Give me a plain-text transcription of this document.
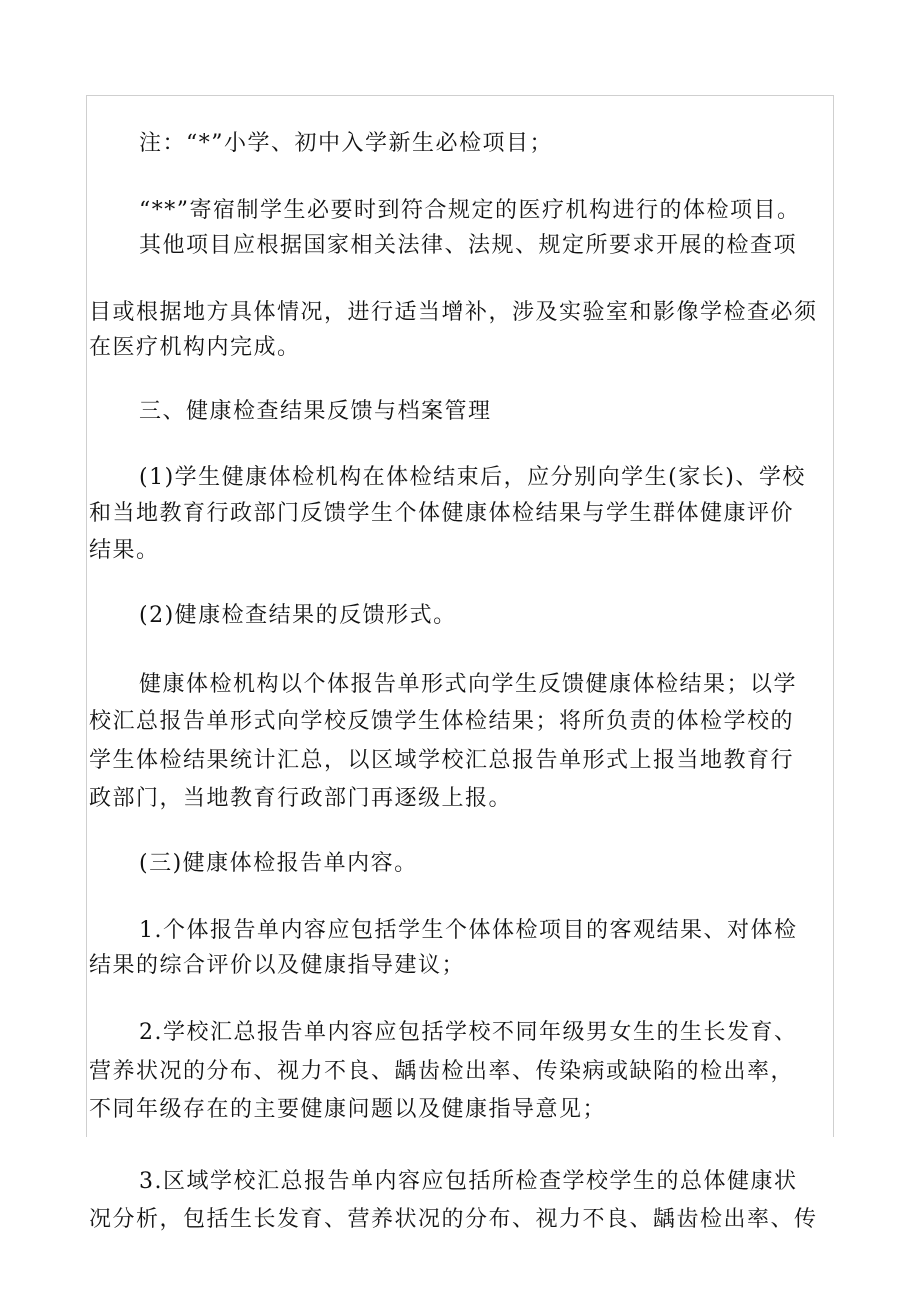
注：“*”小学、初中入学新生必检项目；

“**”寄宿制学生必要时到符合规定的医疗机构进行的体检项目。

其他项目应根据国家相关法律、法规、规定所要求开展的检查项

目或根据地方具体情况，进行适当增补，涉及实验室和影像学检查必须

在医疗机构内完成。

三、健康检查结果反馈与档案管理

(1)学生健康体检机构在体检结束后，应分别向学生(家长)、学校

和当地教育行政部门反馈学生个体健康体检结果与学生群体健康评价

结果。

(2)健康检查结果的反馈形式。

健康体检机构以个体报告单形式向学生反馈健康体检结果；以学

校汇总报告单形式向学校反馈学生体检结果；将所负责的体检学校的

学生体检结果统计汇总，以区域学校汇总报告单形式上报当地教育行

政部门，当地教育行政部门再逐级上报。

(三)健康体检报告单内容。

1.个体报告单内容应包括学生个体体检项目的客观结果、对体检

结果的综合评价以及健康指导建议；

2.学校汇总报告单内容应包括学校不同年级男女生的生长发育、

营养状况的分布、视力不良、龋齿检出率、传染病或缺陷的检出率，

不同年级存在的主要健康问题以及健康指导意见；

3.区域学校汇总报告单内容应包括所检查学校学生的总体健康状

况分析，包括生长发育、营养状况的分布、视力不良、龋齿检出率、传
